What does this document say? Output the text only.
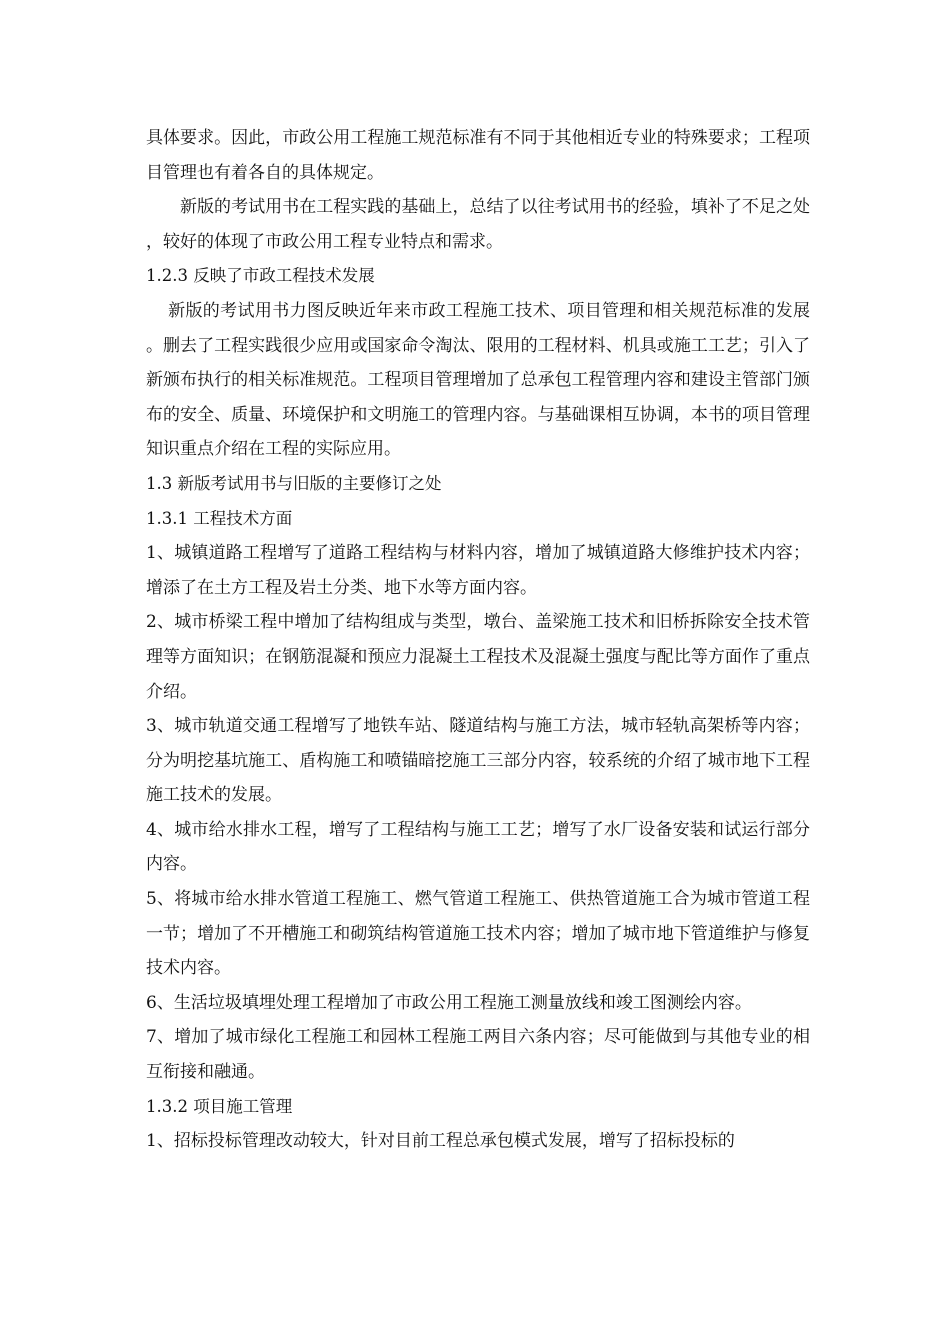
具体要求。因此，市政公用工程施工规范标准有不同于其他相近专业的特殊要求；工程项目管理也有着各自的具体规定。

新版的考试用书在工程实践的基础上，总结了以往考试用书的经验，填补了不足之处，较好的体现了市政公用工程专业特点和需求。

1.2.3 反映了市政工程技术发展

新版的考试用书力图反映近年来市政工程施工技术、项目管理和相关规范标准的发展。删去了工程实践很少应用或国家命令淘汰、限用的工程材料、机具或施工工艺；引入了新颁布执行的相关标准规范。工程项目管理增加了总承包工程管理内容和建设主管部门颁布的安全、质量、环境保护和文明施工的管理内容。与基础课相互协调，本书的项目管理知识重点介绍在工程的实际应用。

1.3 新版考试用书与旧版的主要修订之处

1.3.1 工程技术方面

1、城镇道路工程增写了道路工程结构与材料内容，增加了城镇道路大修维护技术内容；增添了在土方工程及岩土分类、地下水等方面内容。

2、城市桥梁工程中增加了结构组成与类型，墩台、盖梁施工技术和旧桥拆除安全技术管理等方面知识；在钢筋混凝和预应力混凝土工程技术及混凝土强度与配比等方面作了重点介绍。

3、城市轨道交通工程增写了地铁车站、隧道结构与施工方法，城市轻轨高架桥等内容；分为明挖基坑施工、盾构施工和喷锚暗挖施工三部分内容，较系统的介绍了城市地下工程施工技术的发展。

4、城市给水排水工程，增写了工程结构与施工工艺；增写了水厂设备安装和试运行部分内容。

5、将城市给水排水管道工程施工、燃气管道工程施工、供热管道施工合为城市管道工程一节；增加了不开槽施工和砌筑结构管道施工技术内容；增加了城市地下管道维护与修复技术内容。

6、生活垃圾填埋处理工程增加了市政公用工程施工测量放线和竣工图测绘内容。

7、增加了城市绿化工程施工和园林工程施工两目六条内容；尽可能做到与其他专业的相互衔接和融通。

1.3.2 项目施工管理

1、招标投标管理改动较大，针对目前工程总承包模式发展，增写了招标投标的
